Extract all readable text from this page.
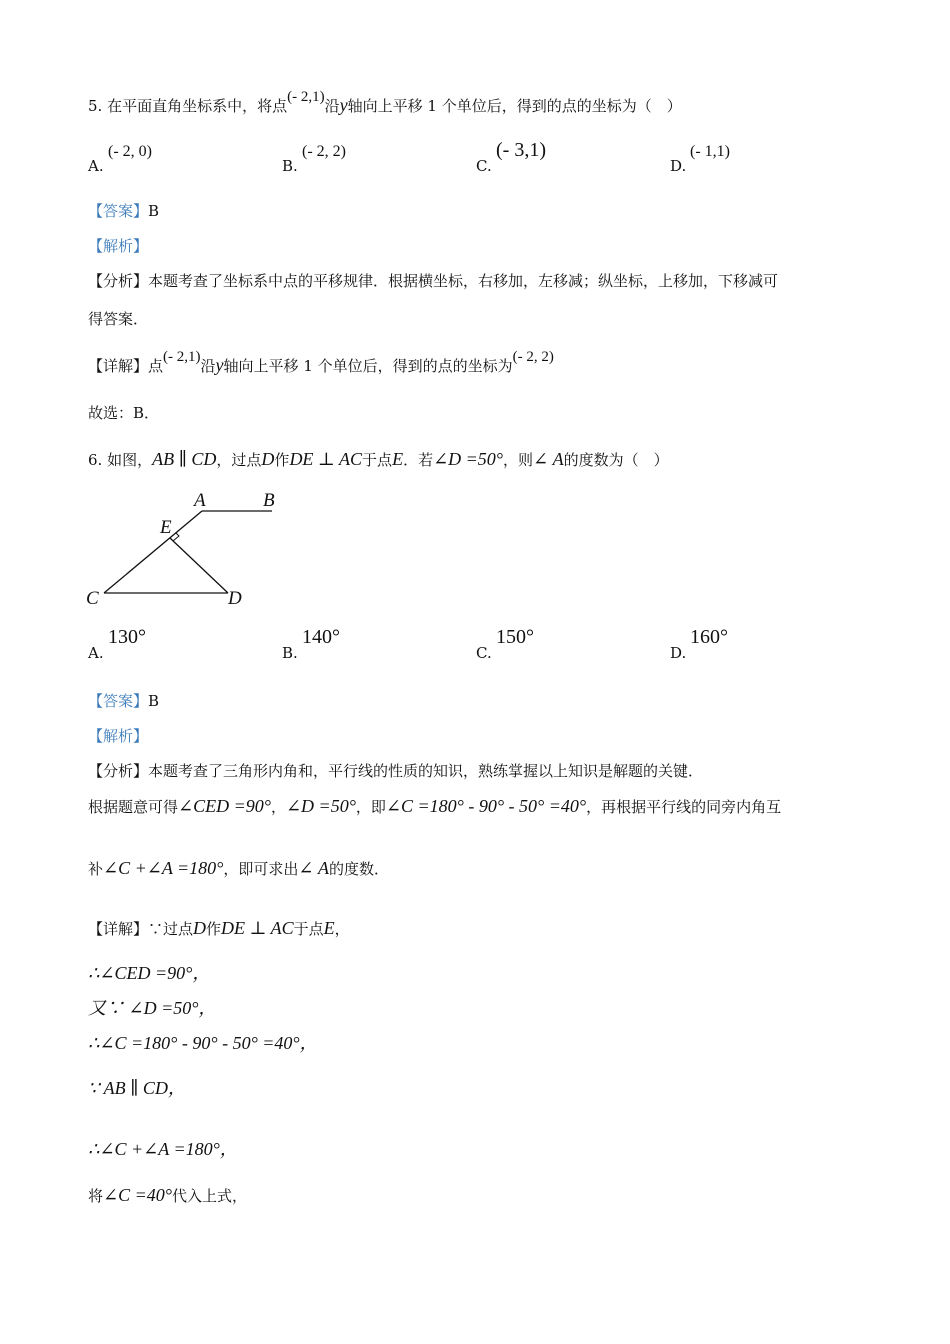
5. 在平面直角坐标系中，将点(- 2,1)沿y轴向上平移 1 个单位后，得到的点的坐标为（　）
A.
(- 2, 0)
B.
(- 2, 2)
C.
(- 3,1)
D.
(- 1,1)
【答案】B
【解析】
【分析】本题考查了坐标系中点的平移规律．根据横坐标，右移加，左移减；纵坐标，上移加，下移减可
得答案．
【详解】点(- 2,1)沿y轴向上平移 1 个单位后，得到的点的坐标为(- 2, 2)
故选：B．
6. 如图，AB ∥ CD，过点D作DE ⊥ AC于点E．若∠D =50°，则∠ A的度数为（　）
A	B
E
C	D
A.
130°
B.
140°
C.
150°
D.
160°
【答案】B
【解析】
【分析】本题考查了三角形内角和，平行线的性质的知识，熟练掌握以上知识是解题的关键．
根据题意可得∠CED =90°，∠D =50°，即∠C =180° - 90° - 50° =40°，再根据平行线的同旁内角互
补∠C +∠A =180°，即可求出∠ A的度数．
【详解】∵过点D作DE ⊥ AC于点E，
∴∠CED =90°，
又∵ ∠D =50°，
∴∠C =180° - 90° - 50° =40°，
∵ AB ∥ CD，
∴∠C +∠A =180°，
将∠C =40°代入上式，
